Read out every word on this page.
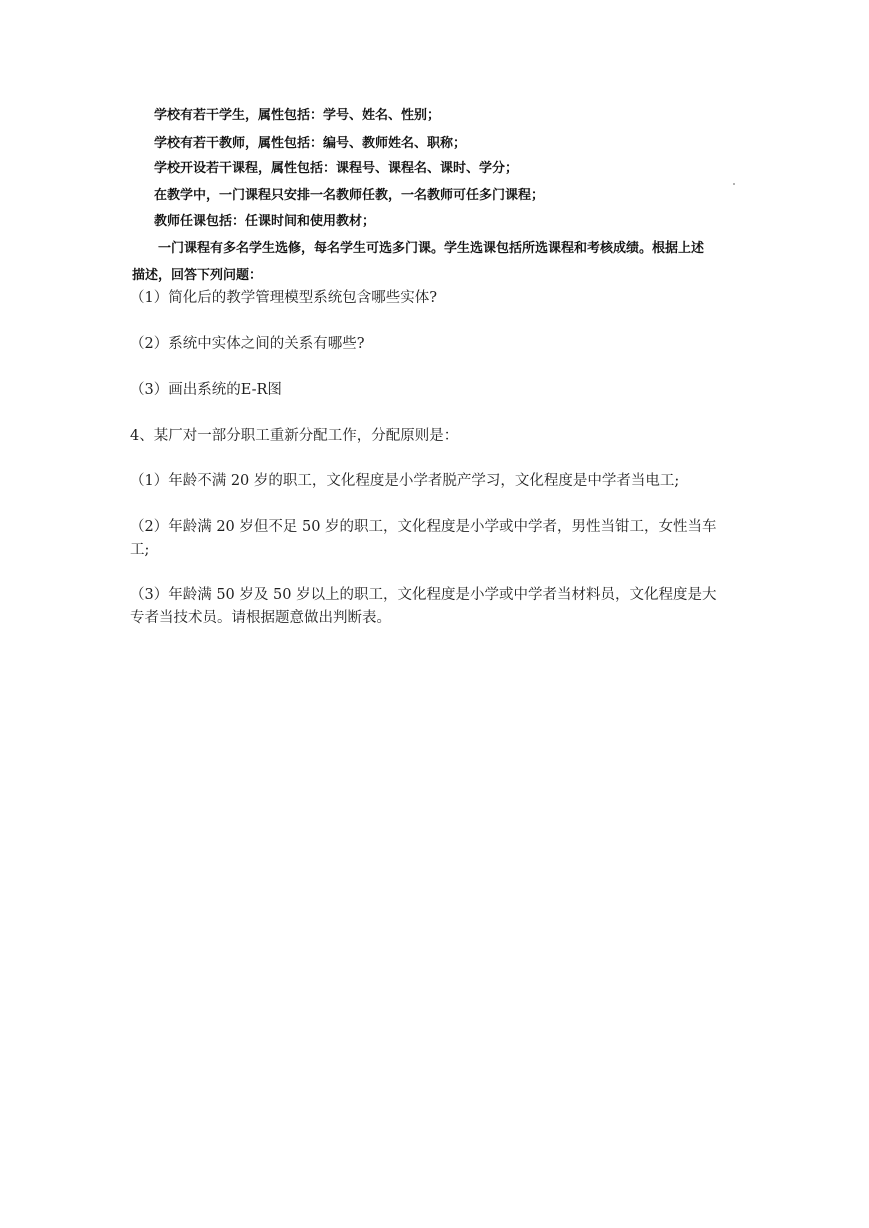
学校有若干学生，属性包括：学号、姓名、性别；
学校有若干教师，属性包括：编号、教师姓名、职称；
学校开设若干课程，属性包括：课程号、课程名、课时、学分；
在教学中，一门课程只安排一名教师任教，一名教师可任多门课程；
教师任课包括：任课时间和使用教材；
一门课程有多名学生选修，每名学生可选多门课。学生选课包括所选课程和考核成绩。根据上述
描述，回答下列问题：
（1）简化后的教学管理模型系统包含哪些实体?
（2）系统中实体之间的关系有哪些?
（3）画出系统的E-R图
4、某厂对一部分职工重新分配工作，分配原则是：
（1）年龄不满 20 岁的职工，文化程度是小学者脱产学习，文化程度是中学者当电工;
（2）年龄满 20 岁但不足 50 岁的职工，文化程度是小学或中学者，男性当钳工，女性当车
工;
（3）年龄满 50 岁及 50 岁以上的职工，文化程度是小学或中学者当材料员，文化程度是大
专者当技术员。请根据题意做出判断表。
